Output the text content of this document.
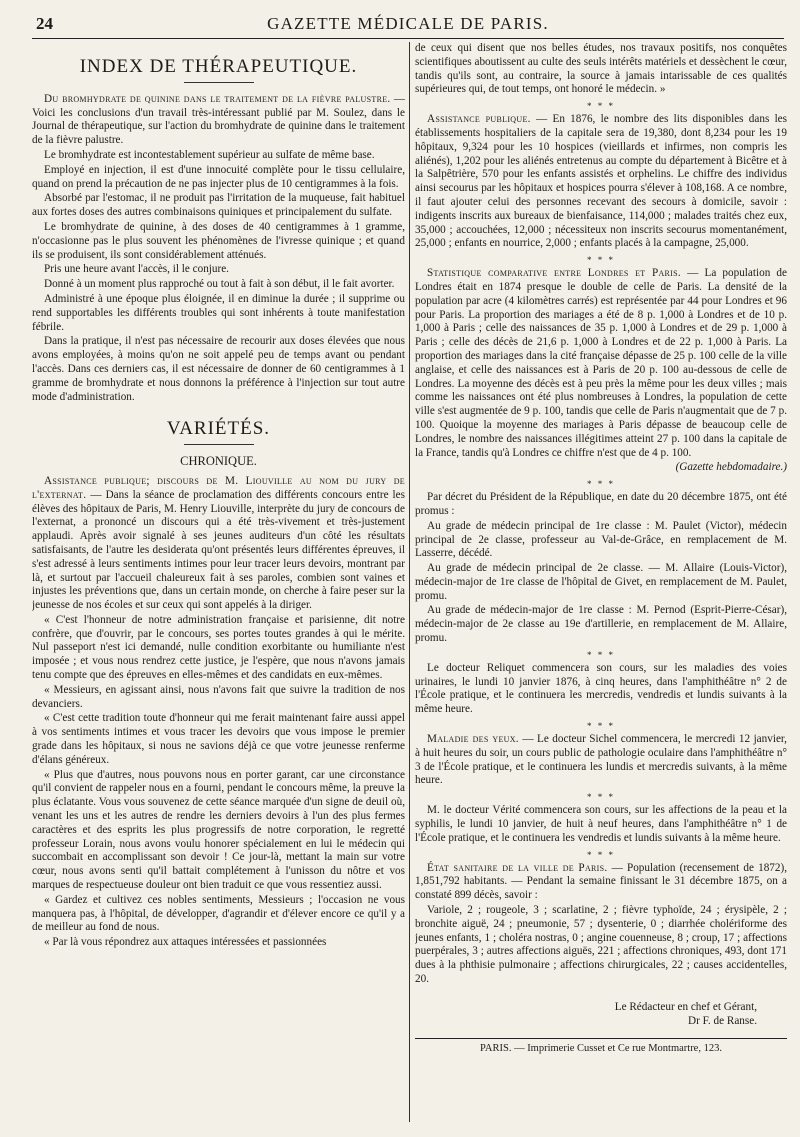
24	GAZETTE MÉDICALE DE PARIS.
INDEX DE THÉRAPEUTIQUE.

Du bromhydrate de quinine dans le traitement de la fièvre palustre. — Voici les conclusions d'un travail très-intéressant publié par M. Soulez, dans le Journal de thérapeutique, sur l'action du bromhydrate de quinine dans le traitement de la fièvre palustre.

Le bromhydrate est incontestablement supérieur au sulfate de même base.

Employé en injection, il est d'une innocuité complète pour le tissu cellulaire, quand on prend la précaution de ne pas injecter plus de 10 centigrammes à la fois.

Absorbé par l'estomac, il ne produit pas l'irritation de la muqueuse, fait habituel aux fortes doses des autres combinaisons quiniques et principalement du sulfate.

Le bromhydrate de quinine, à des doses de 40 centigrammes à 1 gramme, n'occasionne pas le plus souvent les phénomènes de l'ivresse quinique ; et quand ils se produisent, ils sont considérablement atténués.

Pris une heure avant l'accès, il le conjure.

Donné à un moment plus rapproché ou tout à fait à son début, il le fait avorter.

Administré à une époque plus éloignée, il en diminue la durée ; il supprime ou rend supportables les différents troubles qui sont inhérents à toute manifestation fébrile.

Dans la pratique, il n'est pas nécessaire de recourir aux doses élevées que nous avons employées, à moins qu'on ne soit appelé peu de temps avant ou pendant l'accès. Dans ces derniers cas, il est nécessaire de donner de 60 centigrammes à 1 gramme de bromhydrate et nous donnons la préférence à l'injection sur tout autre mode d'administration.

VARIÉTÉS.
CHRONIQUE.

Assistance publique; discours de M. Liouville au nom du jury de l'externat. — Dans la séance de proclamation des différents concours entre les élèves des hôpitaux de Paris, M. Henry Liouville, interprète du jury de concours de l'externat, a prononcé un discours qui a été très-vivement et très-justement applaudi. Après avoir signalé à ses jeunes auditeurs d'un côté les résultats satisfaisants, de l'autre les desiderata qu'ont présentés leurs différentes épreuves, il s'est adressé à leurs sentiments intimes pour leur tracer leurs devoirs, montrant par là, et surtout par l'accueil chaleureux fait à ses paroles, combien sont vaines et injustes les préventions que, dans un certain monde, on cherche à faire peser sur la jeunesse de nos écoles et sur ceux qui sont appelés à la diriger.

« C'est l'honneur de notre administration française et parisienne, dit notre confrère, que d'ouvrir, par le concours, ses portes toutes grandes à qui le mérite. Nul passeport n'est ici demandé, nulle condition exorbitante ou humiliante n'est imposée ; et vous nous rendrez cette justice, je l'espère, que nous n'avons jamais tenu compte que des épreuves en elles-mêmes et des candidats en eux-mêmes.

« Messieurs, en agissant ainsi, nous n'avons fait que suivre la tradition de nos devanciers.

« C'est cette tradition toute d'honneur qui me ferait maintenant faire aussi appel à vos sentiments intimes et vous tracer les devoirs que vous impose le premier grade dans les hôpitaux, si nous ne savions déjà ce que votre jeunesse renferme d'élans généreux.

« Plus que d'autres, nous pouvons nous en porter garant, car une circonstance qu'il convient de rappeler nous en a fourni, pendant le concours même, la preuve la plus éclatante. Vous vous souvenez de cette séance marquée d'un signe de deuil où, venant les uns et les autres de rendre les derniers devoirs à l'un des plus fermes caractères et des esprits les plus progressifs de notre corporation, le regretté professeur Lorain, nous avons voulu honorer spécialement en lui le médecin qui succombait en accomplissant son devoir ! Ce jour-là, mettant la main sur votre cœur, nous avons senti qu'il battait complétement à l'unisson du nôtre et vos marques de respectueuse douleur ont bien traduit ce que vous ressentiez aussi.

« Gardez et cultivez ces nobles sentiments, Messieurs ; l'occasion ne vous manquera pas, à l'hôpital, de développer, d'agrandir et d'élever encore ce qu'il y a de meilleur au fond de nous.

« Par là vous répondrez aux attaques intéressées et passionnées

de ceux qui disent que nos belles études, nos travaux positifs, nos conquêtes scientifiques aboutissent au culte des seuls intérêts matériels et dessèchent le cœur, tandis qu'ils sont, au contraire, la source à jamais intarissable de ces qualités supérieures qui, de tout temps, ont honoré le médecin. »

* * *

Assistance publique. — En 1876, le nombre des lits disponibles dans les établissements hospitaliers de la capitale sera de 19,380, dont 8,234 pour les 19 hôpitaux, 9,324 pour les 10 hospices (vieillards et infirmes, non compris les aliénés), 1,202 pour les aliénés entretenus au compte du département à Bicêtre et à la Salpêtrière, 570 pour les enfants assistés et orphelins. Le chiffre des individus ainsi secourus par les hôpitaux et hospices pourra s'élever à 108,168. A ce nombre, il faut ajouter celui des personnes recevant des secours à domicile, savoir : indigents inscrits aux bureaux de bienfaisance, 114,000 ; malades traités chez eux, 35,000 ; accouchées, 12,000 ; nécessiteux non inscrits secourus momentanément, 25,000 ; enfants en nourrice, 2,000 ; enfants placés à la campagne, 25,000.

* * *

Statistique comparative entre Londres et Paris. — La population de Londres était en 1874 presque le double de celle de Paris. La densité de la population par acre (4 kilomètres carrés) est représentée par 44 pour Londres et 96 pour Paris. La proportion des mariages a été de 8 p. 1,000 à Londres et de 10 p. 1,000 à Paris ; celle des naissances de 35 p. 1,000 à Londres et de 29 p. 1,000 à Paris ; celle des décès de 21,6 p. 1,000 à Londres et de 22 p. 1,000 à Paris. La proportion des mariages dans la cité française dépasse de 25 p. 100 celle de la ville anglaise, et celle des naissances est à Paris de 20 p. 100 au-dessous de celle de Londres. La moyenne des décès est à peu près la même pour les deux villes ; mais comme les naissances ont été plus nombreuses à Londres, la population de cette ville s'est augmentée de 9 p. 100, tandis que celle de Paris n'augmentait que de 7 p. 100. Quoique la moyenne des mariages à Paris dépasse de beaucoup celle de Londres, le nombre des naissances illégitimes atteint 27 p. 100 dans la capitale de la France, tandis qu'à Londres ce chiffre n'est que de 4 p. 100.

(Gazette hebdomadaire.)
* * *

Par décret du Président de la République, en date du 20 décembre 1875, ont été promus :

Au grade de médecin principal de 1re classe : M. Paulet (Victor), médecin principal de 2e classe, professeur au Val-de-Grâce, en remplacement de M. Lasserre, décédé.

Au grade de médecin principal de 2e classe. — M. Allaire (Louis-Victor), médecin-major de 1re classe de l'hôpital de Givet, en remplacement de M. Paulet, promu.

Au grade de médecin-major de 1re classe : M. Pernod (Esprit-Pierre-César), médecin-major de 2e classe au 19e d'artillerie, en remplacement de M. Allaire, promu.

* * *

Le docteur Reliquet commencera son cours, sur les maladies des voies urinaires, le lundi 10 janvier 1876, à cinq heures, dans l'amphithéâtre n° 2 de l'École pratique, et le continuera les mercredis, vendredis et lundis suivants à la même heure.

* * *

Maladie des yeux. — Le docteur Sichel commencera, le mercredi 12 janvier, à huit heures du soir, un cours public de pathologie oculaire dans l'amphithéâtre n° 3 de l'École pratique, et le continuera les lundis et mercredis suivants, à la même heure.

* * *

M. le docteur Vérité commencera son cours, sur les affections de la peau et la syphilis, le lundi 10 janvier, de huit à neuf heures, dans l'amphithéâtre n° 1 de l'École pratique, et le continuera les vendredis et lundis suivants à la même heure.

* * *

État sanitaire de la ville de Paris. — Population (recensement de 1872), 1,851,792 habitants. — Pendant la semaine finissant le 31 décembre 1875, on a constaté 899 décès, savoir :

Variole, 2 ; rougeole, 3 ; scarlatine, 2 ; fièvre typhoïde, 24 ; érysipèle, 2 ; bronchite aiguë, 24 ; pneumonie, 57 ; dysenterie, 0 ; diarrhée cholériforme des jeunes enfants, 1 ; choléra nostras, 0 ; angine couenneuse, 8 ; croup, 17 ; affections puerpérales, 3 ; autres affections aiguës, 221 ; affections chroniques, 493, dont 171 dues à la phthisie pulmonaire ; affections chirurgicales, 22 ; causes accidentelles, 20.

Le Rédacteur en chef et Gérant,
Dr F. de Ranse.
PARIS. — Imprimerie Cusset et Ce rue Montmartre, 123.
